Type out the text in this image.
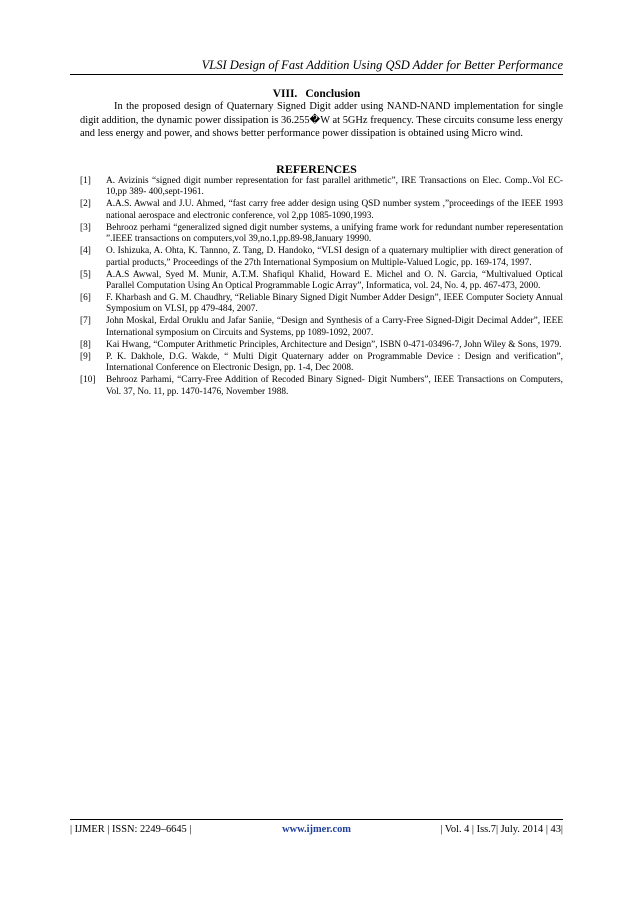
VLSI Design of Fast Addition Using QSD Adder for Better Performance
VIII. Conclusion

In the proposed design of Quaternary Signed Digit adder using NAND-NAND implementation for single digit addition, the dynamic power dissipation is 36.255�W at 5GHz frequency. These circuits consume less energy and less energy and power, and shows better performance power dissipation is obtained using Micro wind.

REFERENCES
[1]	A. Avizinis “signed digit number representation for fast parallel arithmetic”, IRE Transactions on Elec. Comp..Vol EC-10,pp 389- 400,sept-1961.
[2]	A.A.S. Awwal and J.U. Ahmed, “fast carry free adder design using QSD number system ,”proceedings of the IEEE 1993 national aerospace and electronic conference, vol 2,pp 1085-1090,1993.
[3]	Behrooz perhami “generalized signed digit number systems, a unifying frame work for redundant number reperesentation ”.IEEE transactions on computers,vol 39,no.1,pp.89-98,January 19990.
[4]	O. Ishizuka, A. Ohta, K. Tannno, Z. Tang, D. Handoko, “VLSI design of a quaternary multiplier with direct generation of partial products,” Proceedings of the 27th International Symposium on Multiple-Valued Logic, pp. 169-174, 1997.
[5]	A.A.S Awwal, Syed M. Munir, A.T.M. Shafiqul Khalid, Howard E. Michel and O. N. Garcia, “Multivalued Optical Parallel Computation Using An Optical Programmable Logic Array”, Informatica, vol. 24, No. 4, pp. 467-473, 2000.
[6]	F. Kharbash and G. M. Chaudhry, “Reliable Binary Signed Digit Number Adder Design”, IEEE Computer Society Annual Symposium on VLSI, pp 479-484, 2007.
[7]	John Moskal, Erdal Oruklu and Jafar Saniie, “Design and Synthesis of a Carry-Free Signed-Digit Decimal Adder”, IEEE International symposium on Circuits and Systems, pp 1089-1092, 2007.
[8]	Kai Hwang, “Computer Arithmetic Principles, Architecture and Design”, ISBN 0-471-03496-7, John Wiley & Sons, 1979.
[9]	P. K. Dakhole, D.G. Wakde, “ Multi Digit Quaternary adder on Programmable Device : Design and verification”, International Conference on Electronic Design, pp. 1-4, Dec 2008.
[10]	Behrooz Parhami, “Carry-Free Addition of Recoded Binary Signed- Digit Numbers”, IEEE Transactions on Computers, Vol. 37, No. 11, pp. 1470-1476, November 1988.
| IJMER | ISSN: 2249–6645 |	www.ijmer.com	| Vol. 4 | Iss.7| July. 2014 | 43|
